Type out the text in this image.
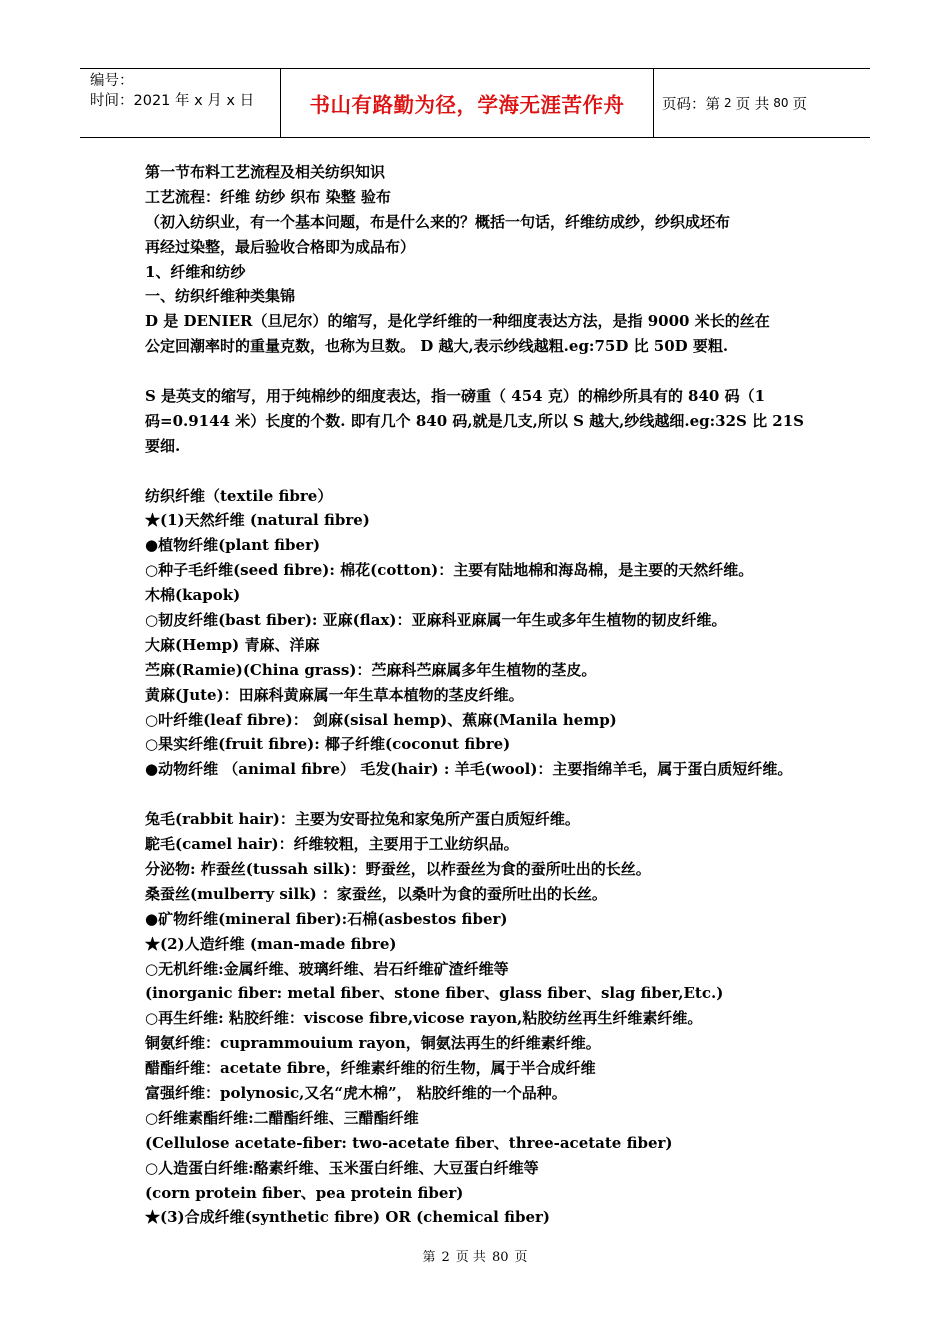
编号：
时间：2021 年 x 月 x 日	书山有路勤为径，学海无涯苦作舟	页码：第 2 页 共 80 页
第一节布料工艺流程及相关纺织知识
工艺流程：纤维 纺纱 织布 染整 验布
（初入纺织业，有一个基本问题，布是什么来的？概括一句话，纤维纺成纱，纱织成坯布
再经过染整，最后验收合格即为成品布）
1、纤维和纺纱
一、纺织纤维种类集锦
D 是 DENIER（旦尼尔）的缩写，是化学纤维的一种细度表达方法，是指 9000 米长的丝在
公定回潮率时的重量克数，也称为旦数。 D 越大,表示纱线越粗.eg:75D 比 50D 要粗.
S 是英支的缩写，用于纯棉纱的细度表达，指一磅重（ 454 克）的棉纱所具有的 840 码（1
码=0.9144 米）长度的个数. 即有几个 840 码,就是几支,所以 S 越大,纱线越细.eg:32S 比 21S
要细.
纺织纤维（textile fibre）
★(1)天然纤维 (natural fibre)
●植物纤维(plant fiber)
○种子毛纤维(seed fibre): 棉花(cotton)：主要有陆地棉和海岛棉，是主要的天然纤维。
木棉(kapok)
○韧皮纤维(bast fiber): 亚麻(flax)：亚麻科亚麻属一年生或多年生植物的韧皮纤维。
大麻(Hemp) 青麻、洋麻
苎麻(Ramie)(China grass)：苎麻科苎麻属多年生植物的茎皮。
黄麻(Jute)：田麻科黄麻属一年生草本植物的茎皮纤维。
○叶纤维(leaf fibre)： 剑麻(sisal hemp)、蕉麻(Manila hemp)
○果实纤维(fruit fibre): 椰子纤维(coconut fibre)
●动物纤维 （animal fibre） 毛发(hair) : 羊毛(wool)：主要指绵羊毛，属于蛋白质短纤维。
兔毛(rabbit hair)：主要为安哥拉兔和家兔所产蛋白质短纤维。
駝毛(camel hair)：纤维较粗，主要用于工业纺织品。
分泌物: 柞蚕丝(tussah silk)：野蚕丝，以柞蚕丝为食的蚕所吐出的长丝。
桑蚕丝(mulberry silk) ：家蚕丝，以桑叶为食的蚕所吐出的长丝。
●矿物纤维(mineral fiber):石棉(asbestos fiber)
★(2)人造纤维 (man-made fibre)
○无机纤维:金属纤维、玻璃纤维、岩石纤维矿渣纤维等
(inorganic fiber: metal fiber、stone fiber、glass fiber、slag fiber,Etc.)
○再生纤维: 粘胶纤维：viscose fibre,vicose rayon,粘胶纺丝再生纤维素纤维。
铜氨纤维：cuprammouium rayon，铜氨法再生的纤维素纤维。
醋酯纤维：acetate fibre，纤维素纤维的衍生物，属于半合成纤维
富强纤维：polynosic,又名“虎木棉”， 粘胶纤维的一个品种。
○纤维素酯纤维:二醋酯纤维、三醋酯纤维
(Cellulose acetate-fiber: two-acetate fiber、three-acetate fiber)
○人造蛋白纤维:酪素纤维、玉米蛋白纤维、大豆蛋白纤维等
(corn protein fiber、pea protein fiber)
★(3)合成纤维(synthetic fibre) OR (chemical fiber)
第 2 页 共 80 页
